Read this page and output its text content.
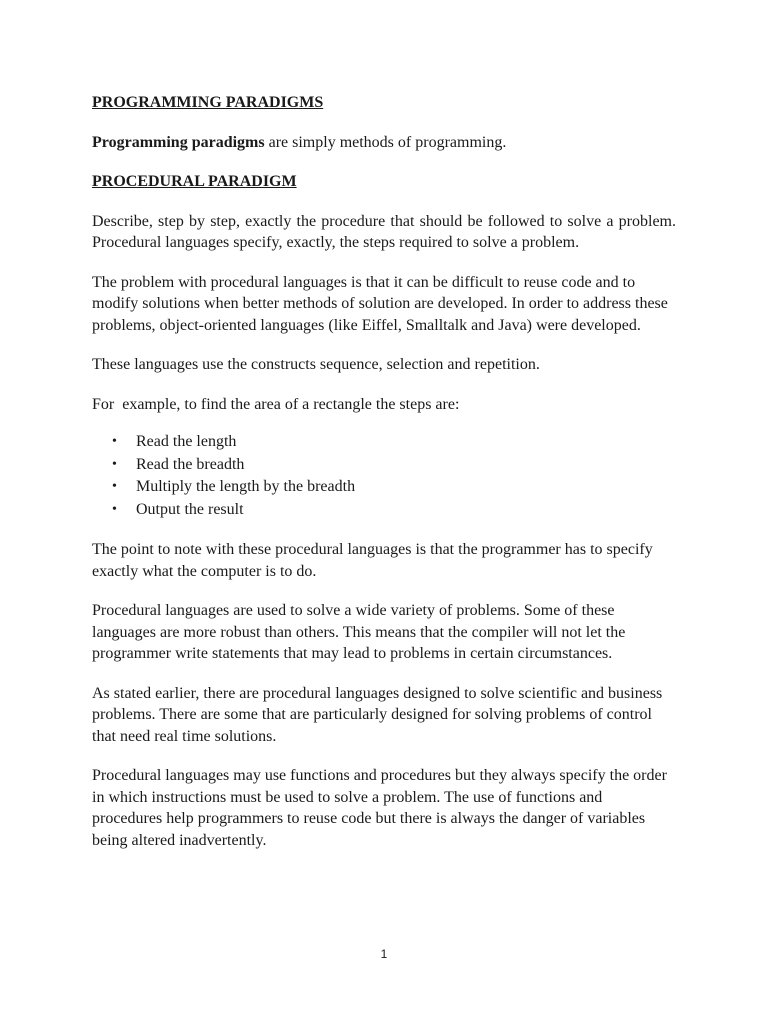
PROGRAMMING PARADIGMS

Programming paradigms are simply methods of programming.

PROCEDURAL PARADIGM

Describe, step by step, exactly the procedure that should be followed to solve a problem. Procedural languages specify, exactly, the steps required to solve a problem.

The problem with procedural languages is that it can be difficult to reuse code and to modify solutions when better methods of solution are developed. In order to address these problems, object-oriented languages (like Eiffel, Smalltalk and Java) were developed.

These languages use the constructs sequence, selection and repetition.

For  example, to find the area of a rectangle the steps are:

• Read the length
• Read the breadth
• Multiply the length by the breadth
• Output the result

The point to note with these procedural languages is that the programmer has to specify exactly what the computer is to do.

Procedural languages are used to solve a wide variety of problems. Some of these languages are more robust than others. This means that the compiler will not let the programmer write statements that may lead to problems in certain circumstances.

As stated earlier, there are procedural languages designed to solve scientific and business problems. There are some that are particularly designed for solving problems of control that need real time solutions.

Procedural languages may use functions and procedures but they always specify the order in which instructions must be used to solve a problem. The use of functions and procedures help programmers to reuse code but there is always the danger of variables being altered inadvertently.

1
